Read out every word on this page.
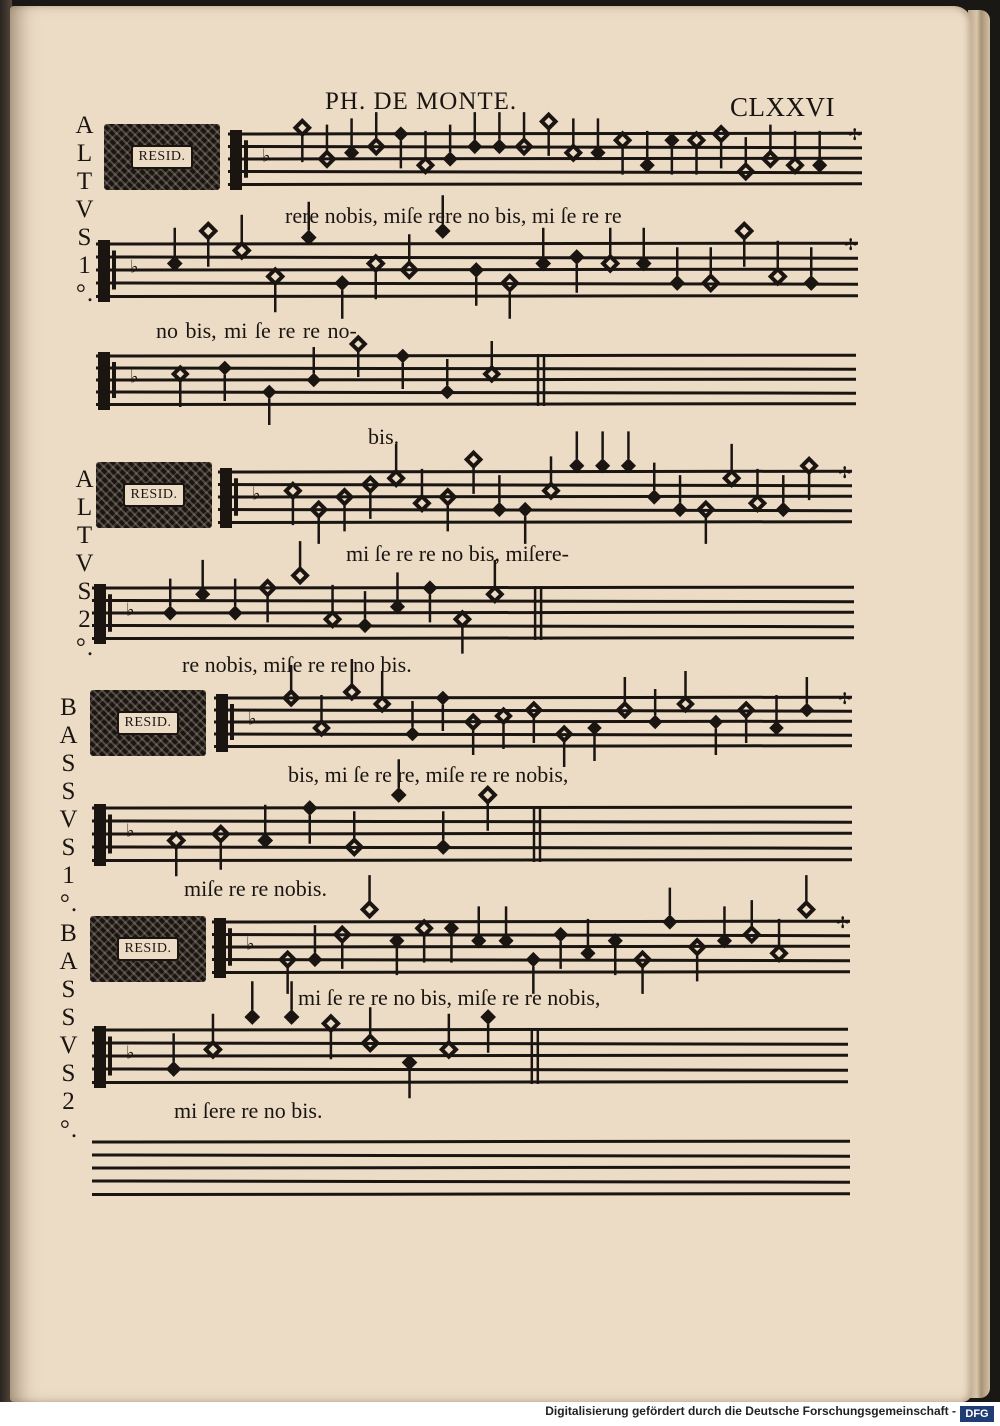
PH. DE MONTE.	CLXXVI
A
L
T
V
S
1
°.
A
L
T
V
S
2
°.
B
A
S
S
V
S
1
°.
B
A
S
S
V
S
2
°.
RESID.
RESID.
RESID.
RESID.
♭
✢
♭
✢
♭
♭
✢
♭
♭
✢
♭
♭
✢
♭
rere nobis, miſe rere no bis, mi ſe re re
no bis, mi ſe re re no-
bis.
mi ſe re re no bis, miſere-
re nobis, miſe re re no bis.
bis, mi ſe re re, miſe re re nobis,
miſe re re nobis.
mi ſe re re no bis, miſe re re nobis,
mi ſere re no bis.
Digitalisierung gefördert durch die Deutsche Forschungsgemeinschaft - DFG
